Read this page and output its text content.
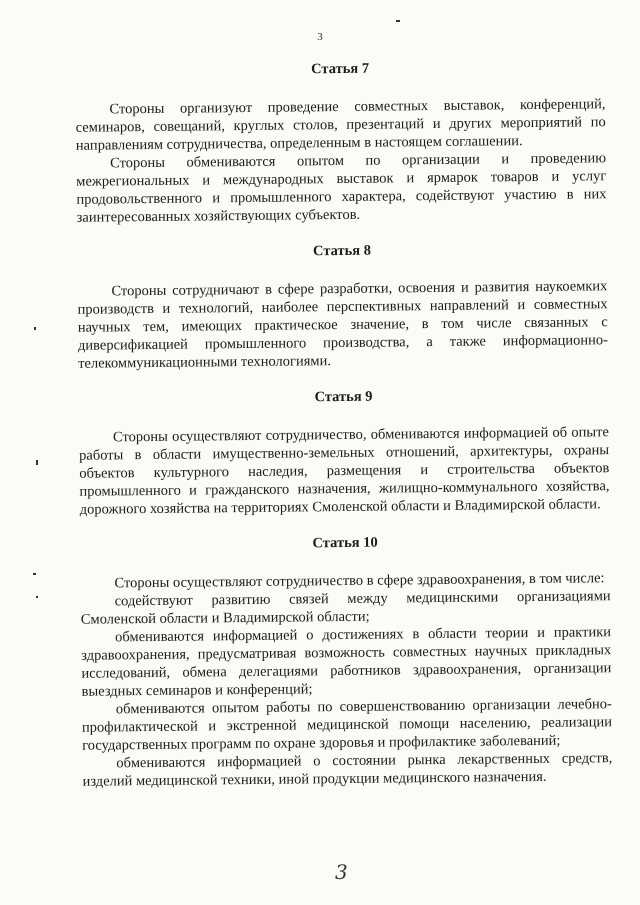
3
Статья 7

Стороны организуют проведение совместных выставок, конференций, семинаров, совещаний, круглых столов, презентаций и других мероприятий по направлениям сотрудничества, определенным в настоящем соглашении.

Стороны обмениваются опытом по организации и проведению межрегиональных и международных выставок и ярмарок товаров и услуг продовольственного и промышленного характера, содействуют участию в них заинтересованных хозяйствующих субъектов.

Статья 8

Стороны сотрудничают в сфере разработки, освоения и развития наукоемких производств и технологий, наиболее перспективных направлений и совместных научных тем, имеющих практическое значение, в том числе связанных с диверсификацией промышленного производства, а также информационно-телекоммуникационными технологиями.

Статья 9

Стороны осуществляют сотрудничество, обмениваются информацией об опыте работы в области имущественно-земельных отношений, архитектуры, охраны объектов культурного наследия, размещения и строительства объектов промышленного и гражданского назначения, жилищно-коммунального хозяйства, дорожного хозяйства на территориях Смоленской области и Владимирской области.

Статья 10

Стороны осуществляют сотрудничество в сфере здравоохранения, в том числе:

содействуют развитию связей между медицинскими организациями Смоленской области и Владимирской области;

обмениваются информацией о достижениях в области теории и практики здравоохранения, предусматривая возможность совместных научных прикладных исследований, обмена делегациями работников здравоохранения, организации выездных семинаров и конференций;

обмениваются опытом работы по совершенствованию организации лечебно-профилактической и экстренной медицинской помощи населению, реализации государственных программ по охране здоровья и профилактике заболеваний;

обмениваются информацией о состоянии рынка лекарственных средств, изделий медицинской техники, иной продукции медицинского назначения.

3
